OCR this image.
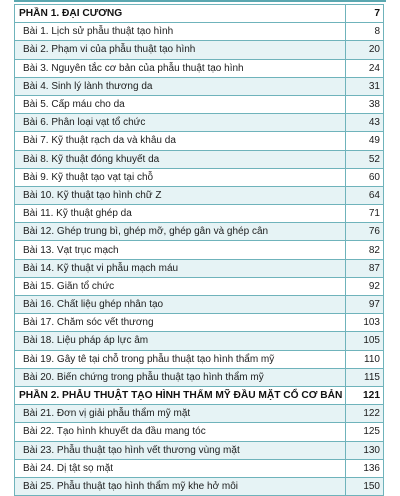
PHẦN 1. ĐẠI CƯƠNG	7
Bài 1. Lịch sử phẫu thuật tạo hình	8
Bài 2. Phạm vi của phẫu thuật tạo hình	20
Bài 3. Nguyên tắc cơ bản của phẫu thuật tạo hình	24
Bài 4. Sinh lý lành thương da	31
Bài 5. Cấp máu cho da	38
Bài 6. Phân loại vạt tổ chức	43
Bài 7. Kỹ thuật rạch da và khâu da	49
Bài 8. Kỹ thuật đóng khuyết da	52
Bài 9. Kỹ thuật tạo vạt tại chỗ	60
Bài 10. Kỹ thuật tạo hình chữ Z	64
Bài 11. Kỹ thuật ghép da	71
Bài 12. Ghép trung bì, ghép mỡ, ghép gân và ghép cân	76
Bài 13. Vạt trục mạch	82
Bài 14. Kỹ thuật vi phẫu mạch máu	87
Bài 15. Giãn tổ chức	92
Bài 16. Chất liệu ghép nhân tạo	97
Bài 17. Chăm sóc vết thương	103
Bài 18. Liệu pháp áp lực âm	105
Bài 19. Gây tê tại chỗ trong phẫu thuật tạo hình thẩm mỹ	110
Bài 20. Biến chứng trong phẫu thuật tạo hình thẩm mỹ	115
PHẦN 2. PHẪU THUẬT TẠO HÌNH THẨM MỸ ĐẦU MẶT CỔ CƠ BẢN	121
Bài 21. Đơn vị giải phẫu thẩm mỹ mặt	122
Bài 22. Tạo hình khuyết da đầu mang tóc	125
Bài 23. Phẫu thuật tạo hình vết thương vùng mặt	130
Bài 24. Dị tật sọ mặt	136
Bài 25. Phẫu thuật tạo hình thẩm mỹ khe hở môi	150
